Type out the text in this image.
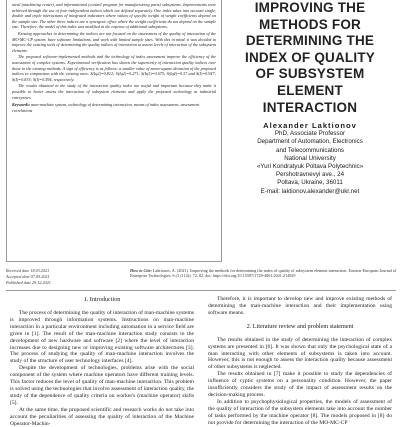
nical (machining center), and informational (control program for manufacturing parts) subsystems. Improvements were achieved through the use of four independent indices which are defined separately. One index takes into account single, double and triple interactions of integrated indicators where values of specific weight of weight coefficients depend on the sample size. The other three indices are a synergetic effect where the weight coefficients do not depend on the sample size. Therefore, the model of this index was modified at the expense of additional subsystems.

Existing approaches to determining the indices are not focused on the assessment of the quality of interaction of the MO-MC-CP system, have software limitations, and work with limited sample sizes. With this in mind, it was decided to improve the existing tools of determining the quality indices of interaction to assess levels of interaction of the subsystem elements.

The proposed software-implemented methods and the technology of index assessment improve the efficiency of the assessment of complex systems. Experimental verification has shown the superiority of interaction quality indices over those in the existing methods. A sign of efficiency is as follows: a smaller value of mean-square deviation of the proposed indices in comparison with the existing ones: S(Iq2)=0.812; S(Iq2)=0.271; S(Iq3)=0.675; S(Iq4)=0.37 and S(I)=0.947; S(I)=0.833; S(I)=0.594, respectively.

The results obtained in the study of the interaction quality index are useful and important because they make it possible to better assess the interaction of subsystem elements and apply the proposed technology at industrial enterprises

Keywords: man-machine system, technology of determining interaction, means of index assessment, assessment correlations
IMPROVING THE
METHODS FOR
DETERMINING THE
INDEX OF QUALITY
OF SUBSYSTEM
ELEMENT
INTERACTION
Alexander Laktionov
PhD, Associate Professor
Department of Automation, Electronics
and Telecommunications
National University
«Yuri Kondratyuk Poltava Polytechnic»
Pershotravnevyi ave., 24
Poltava, Ukraine, 36011
E-mail: laktionov.alexander@ukr.net
Received date 18.03.2021
Accepted date 07.05.2021
Published date 29.12.2021
How to Cite: Laktionov, A. (2021). Improving the methods for determining the index of quality of subsystem element interaction. Eastern-European Journal of Enterprise Technologies, 6 (3 (114)), 72–82. doi: https://doi.org/10.15587/1729-4061.2021.214929
1. Introduction

The process of determining the quality of interaction of man-machine systems is improved through information systems. Instructions on man-machine interaction in a particular environment including automation in a service field are given in [1]. The result of the man-machine interaction study consists in the development of new hardware and software [2] where the level of interaction increases due to designing new or improving existing software architectures [3]. The process of studying the quality of man-machine interaction involves the study of the structure of user technology interfaces [4].

Despite the development of technologies, problems arise with the social component of the system where machine operators have different training levels. This factor reduces the level of quality of man-machine interaction. This problem is solved using the technologies that involve assessment of interaction quality, the study of the dependence of quality criteria on worker's (machine operator) skills [5].

At the same time, the proposed scientific and research works do not take into account the peculiarities of assessing the quality of interaction of the Machine Operator-Machin-

Therefore, it is important to develop new and improve existing methods of determining the man-machine interaction and their implementation using software means.

2. Literature review and problem statement

The results obtained in the study of determining the interaction of complex systems are presented in [6]. It was shown that only the psychological state of a man interacting with other elements of subsystems is taken into account. However, this is not enough to assess the interaction quality because assessment of other subsystems is neglected.

The results obtained in [7] make it possible to study the dependencies of influence of cyptic systems on a personality condition. However, the paper insufficiently considers the study of the impact of assessment results on the decision-making process.

In addition to psychophysiological properties, the models of assessment of the quality of interaction of the subsystem elements take into account the number of tasks performed by the machine operator [8]. The models proposed in [8] do not provide for determining the interaction of the MO-MC-CP
